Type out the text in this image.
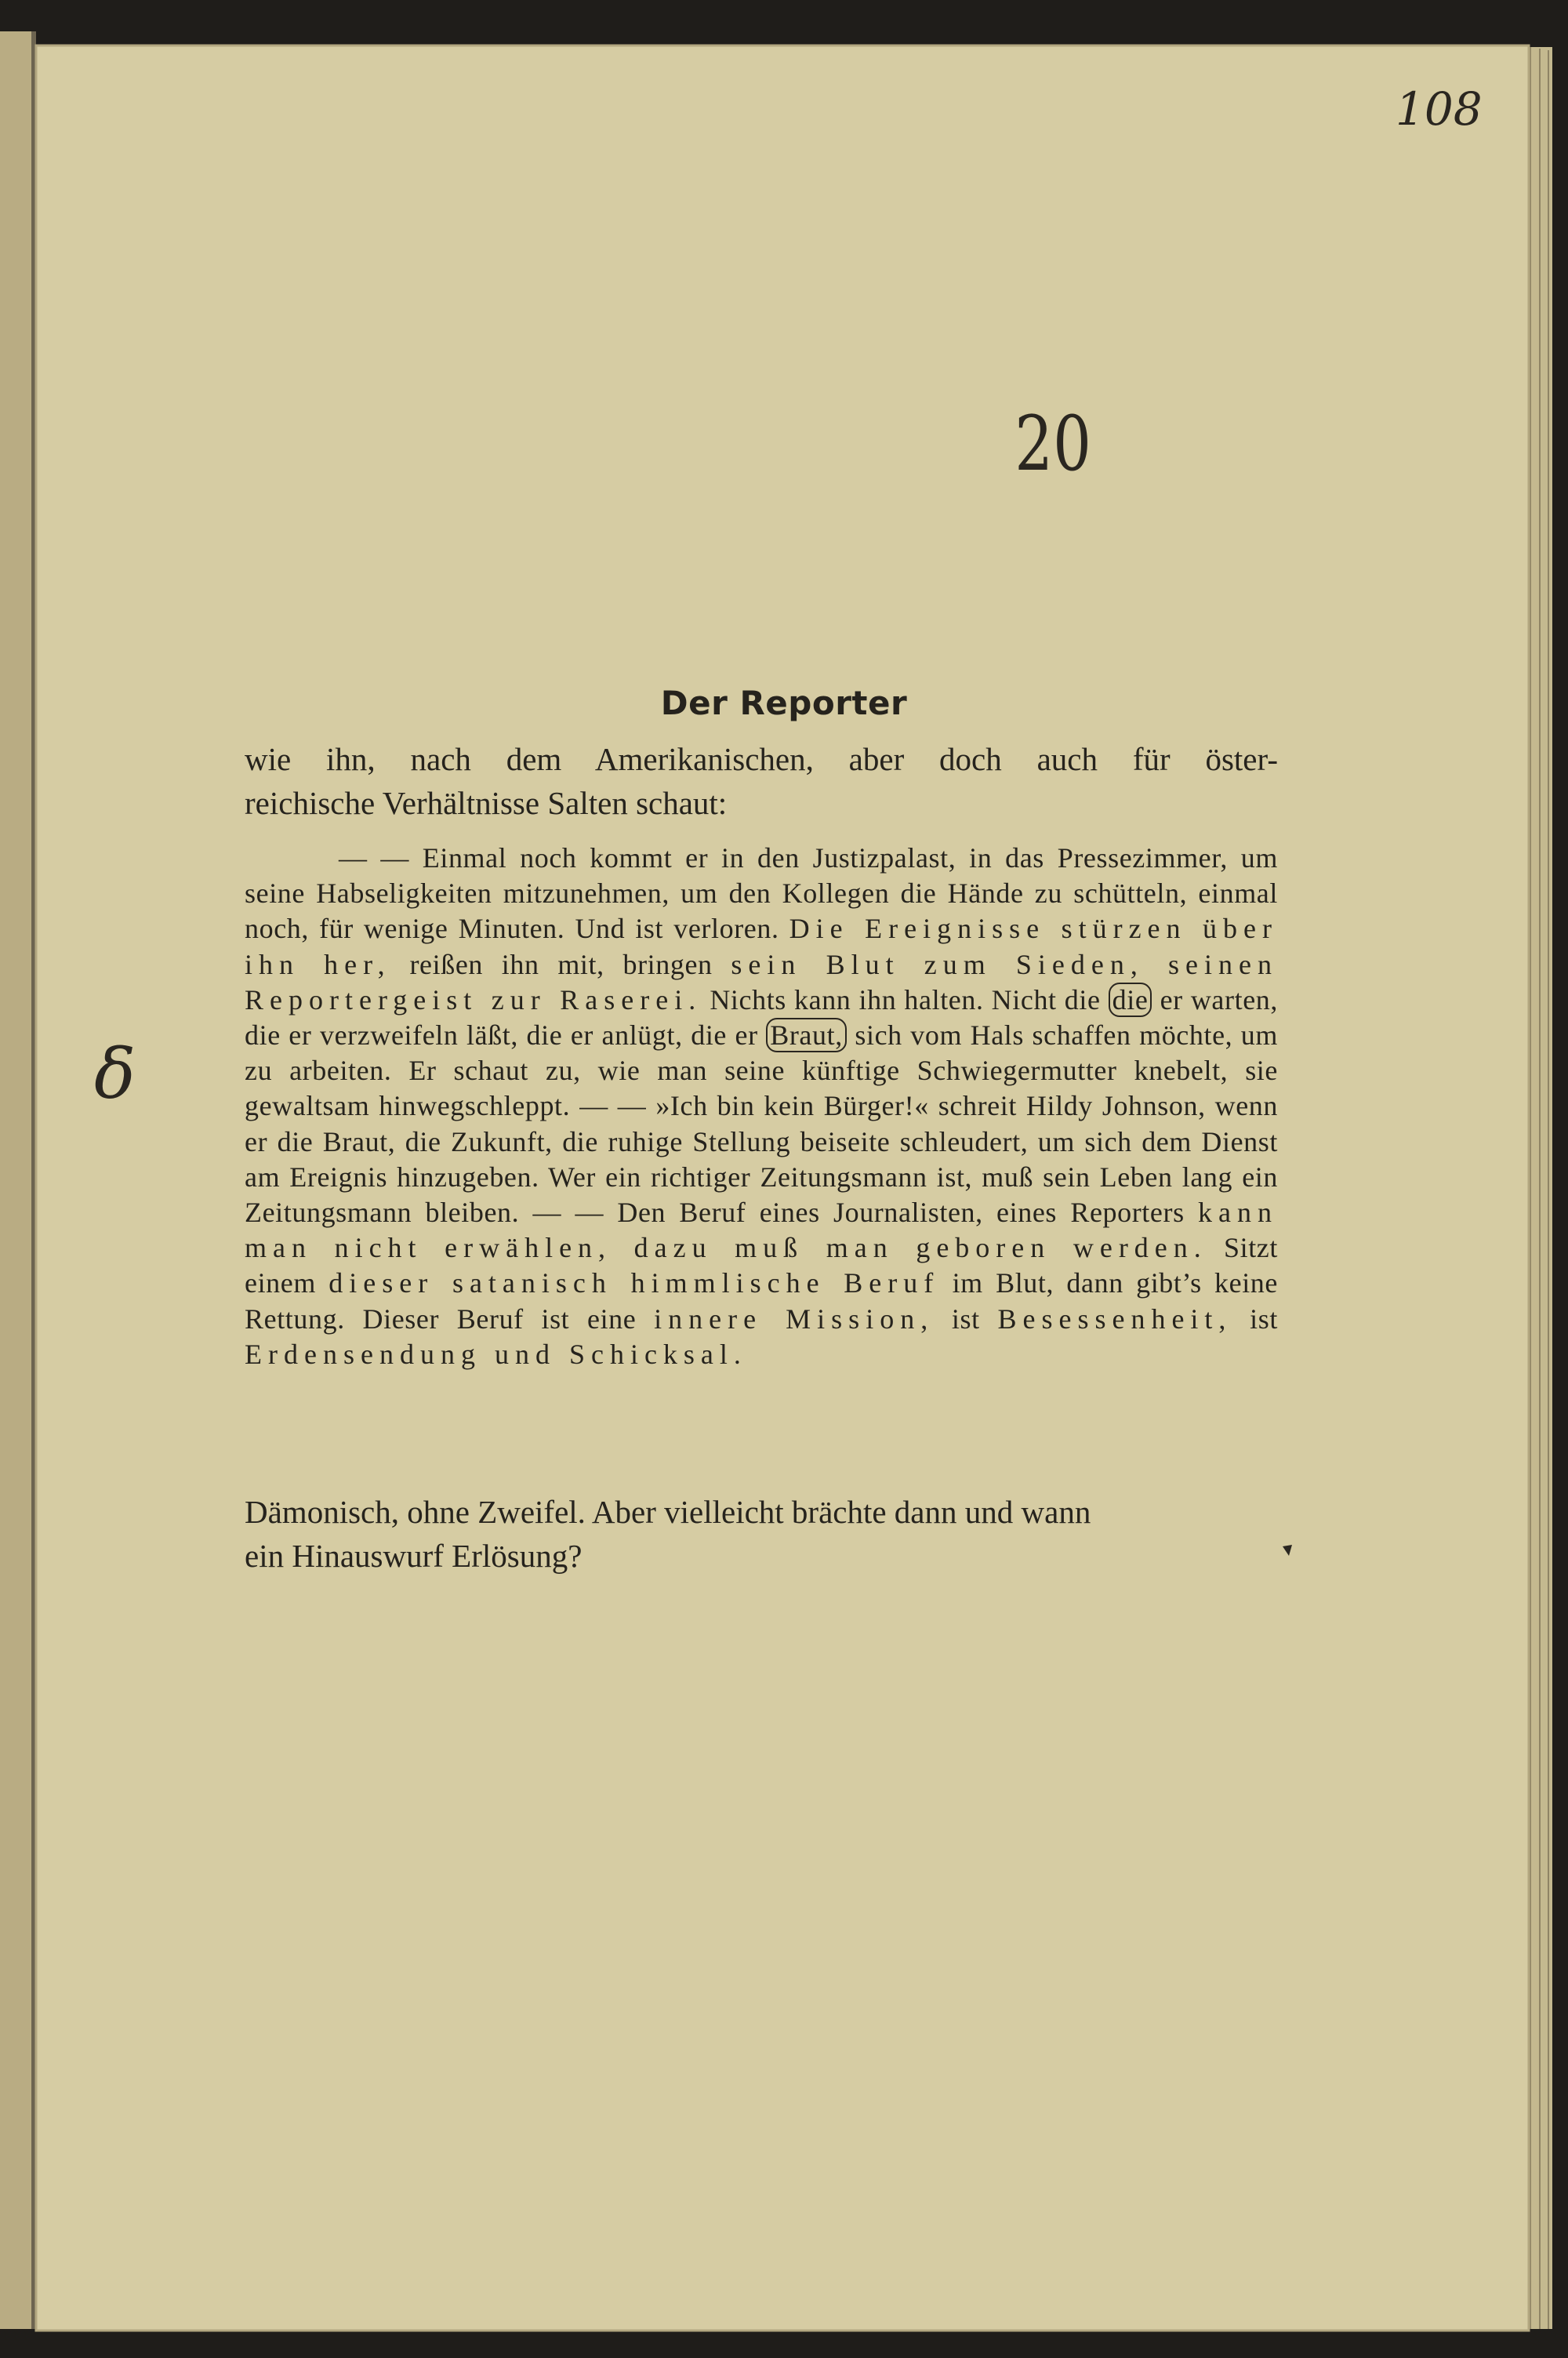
108
20
δ
Der Reporter
wie ihn, nach dem Amerikanischen, aber doch auch für öster-
reichische Verhältnisse Salten schaut:
— — Einmal noch kommt er in den Justizpalast, in das Pressezimmer, um seine Habseligkeiten mitzunehmen, um den Kollegen die Hände zu schütteln, einmal noch, für wenige Minuten. Und ist verloren. Die Ereignisse stürzen über ihn her, reißen ihn mit, bringen sein Blut zum Sieden, seinen Reportergeist zur Raserei. Nichts kann ihn halten. Nicht die die er warten, die er verzweifeln läßt, die er anlügt, die er Braut, sich vom Hals schaffen möchte, um zu arbeiten. Er schaut zu, wie man seine künftige Schwiegermutter knebelt, sie gewaltsam hinwegschleppt. — — »Ich bin kein Bürger!« schreit Hildy Johnson, wenn er die Braut, die Zukunft, die ruhige Stellung beiseite schleudert, um sich dem Dienst am Ereignis hinzugeben. Wer ein richtiger Zeitungsmann ist, muß sein Leben lang ein Zeitungsmann bleiben. — — Den Beruf eines Journalisten, eines Reporters kann man nicht erwählen, dazu muß man geboren werden. Sitzt einem dieser satanisch himmlische Beruf im Blut, dann gibt’s keine Rettung. Dieser Beruf ist eine innere Mission, ist Besessenheit, ist Erdensendung und Schicksal.
Dämonisch, ohne Zweifel. Aber vielleicht brächte dann und wann
ein Hinauswurf Erlösung?
